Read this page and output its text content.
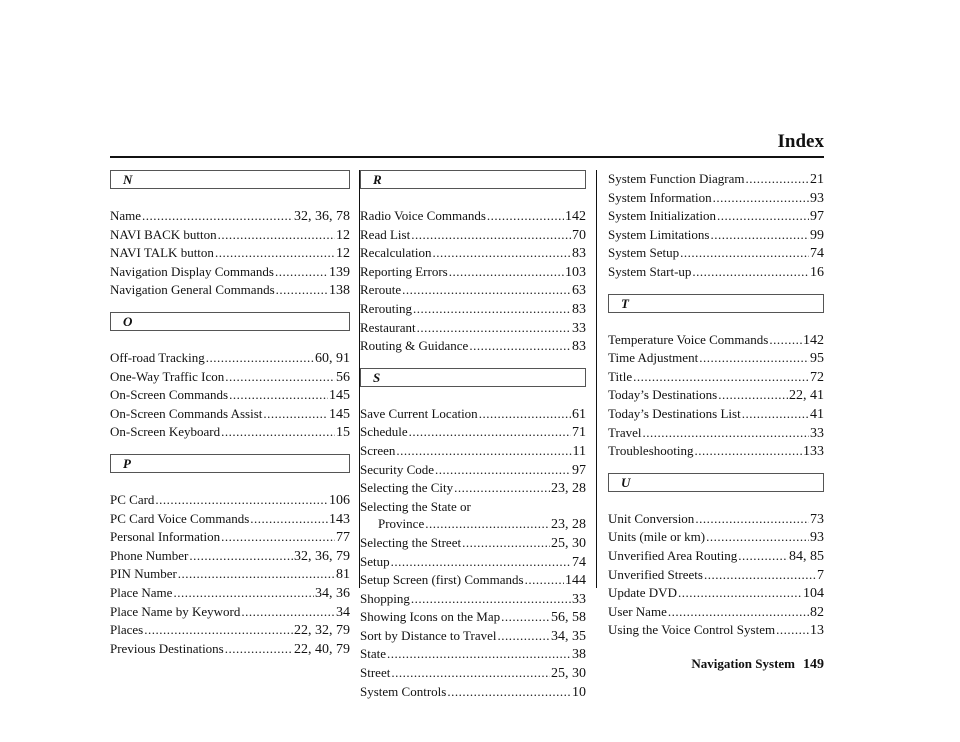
Index
N
Name .....	32, 36, 78
NAVI BACK button .....	12
NAVI TALK button .....	12
Navigation Display Commands .....	139
Navigation General Commands .....	138
O
Off-road Tracking .....	60, 91
One-Way Traffic Icon .....	56
On-Screen Commands .....	145
On-Screen Commands Assist .....	145
On-Screen Keyboard .....	15
P
PC Card .....	106
PC Card Voice Commands .....	143
Personal Information .....	77
Phone Number .....	32, 36, 79
PIN Number .....	81
Place Name .....	34, 36
Place Name by Keyword .....	34
Places .....	22, 32, 79
Previous Destinations .....	22, 40, 79
R
Radio Voice Commands .....	142
Read List .....	70
Recalculation .....	83
Reporting Errors .....	103
Reroute .....	63
Rerouting .....	83
Restaurant .....	33
Routing & Guidance .....	83
S
Save Current Location .....	61
Schedule .....	71
Screen .....	11
Security Code .....	97
Selecting the City .....	23, 28
Selecting the State or
Province .....	23, 28
Selecting the Street .....	25, 30
Setup .....	74
Setup Screen (first) Commands .....	144
Shopping .....	33
Showing Icons on the Map .....	56, 58
Sort by Distance to Travel .....	34, 35
State .....	38
Street .....	25, 30
System Controls .....	10
System Function Diagram .....	21
System Information .....	93
System Initialization .....	97
System Limitations .....	99
System Setup .....	74
System Start-up .....	16
T
Temperature Voice Commands ..... 142
Time Adjustment .....	95
Title .....	72
Today’s Destinations .....	22, 41
Today’s Destinations List .....	41
Travel .....	33
Troubleshooting .....	133
U
Unit Conversion .....	73
Units (mile or km) .....	93
Unverified Area Routing .....	84, 85
Unverified Streets .....	7
Update DVD .....	104
User Name .....	82
Using the Voice Control System ..... 13
Navigation System 149
